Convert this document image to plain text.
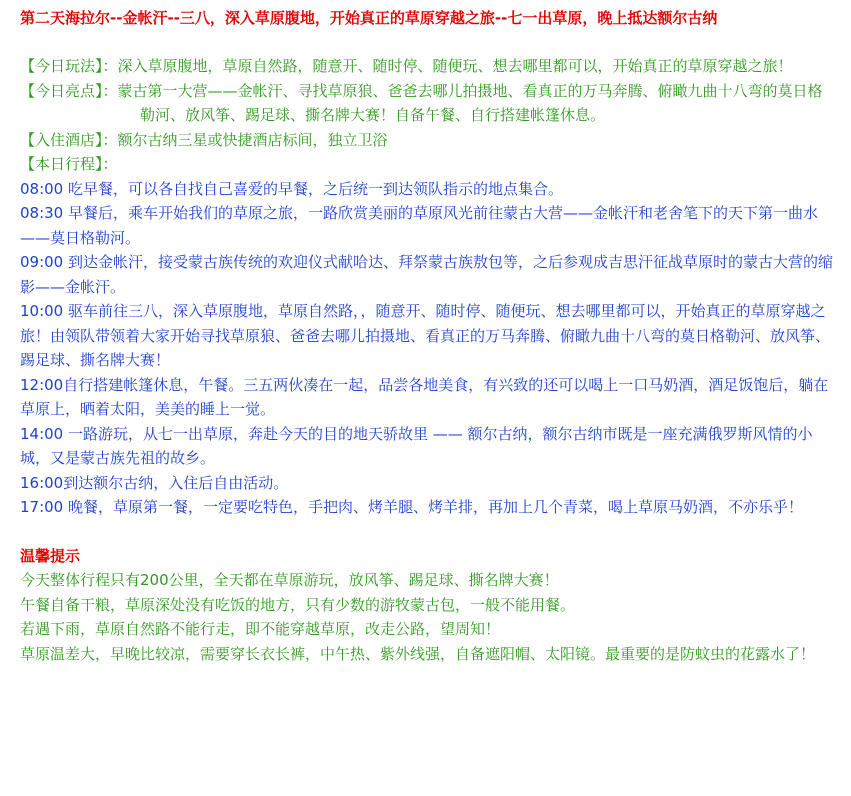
第二天海拉尔--金帐汗--三八，深入草原腹地，开始真正的草原穿越之旅--七一出草原，晚上抵达额尔古纳

【今日玩法】：深入草原腹地，草原自然路，随意开、随时停、随便玩、想去哪里都可以，开始真正的草原穿越之旅！

【今日亮点】：蒙古第一大营——金帐汗、寻找草原狼、爸爸去哪儿拍摄地、看真正的万马奔腾、俯瞰九曲十八弯的莫日格

勒河、放风筝、踢足球、撕名牌大赛！自备午餐、自行搭建帐篷休息。

【入住酒店】：额尔古纳三星或快捷酒店标间，独立卫浴

【本日行程】：

08:00 吃早餐，可以各自找自己喜爱的早餐，之后统一到达领队指示的地点集合。

08:30 早餐后，乘车开始我们的草原之旅，一路欣赏美丽的草原风光前往蒙古大营——金帐汗和老舍笔下的天下第一曲水——莫日格勒河。

09:00 到达金帐汗，接受蒙古族传统的欢迎仪式献哈达、拜祭蒙古族敖包等，之后参观成吉思汗征战草原时的蒙古大营的缩影——金帐汗。

10:00 驱车前往三八，深入草原腹地，草原自然路，，随意开、随时停、随便玩、想去哪里都可以，开始真正的草原穿越之旅！由领队带领着大家开始寻找草原狼、爸爸去哪儿拍摄地、看真正的万马奔腾、俯瞰九曲十八弯的莫日格勒河、放风筝、踢足球、撕名牌大赛！

12:00自行搭建帐篷休息，午餐。三五两伙凑在一起，品尝各地美食，有兴致的还可以喝上一口马奶酒，酒足饭饱后，躺在草原上，晒着太阳，美美的睡上一觉。

14:00 一路游玩，从七一出草原，奔赴今天的目的地天骄故里 —— 额尔古纳，额尔古纳市既是一座充满俄罗斯风情的小城，又是蒙古族先祖的故乡。

16:00到达额尔古纳，入住后自由活动。

17:00 晚餐，草原第一餐，一定要吃特色，手把肉、烤羊腿、烤羊排，再加上几个青菜，喝上草原马奶酒，不亦乐乎！

温馨提示

今天整体行程只有200公里，全天都在草原游玩，放风筝、踢足球、撕名牌大赛！

午餐自备干粮，草原深处没有吃饭的地方，只有少数的游牧蒙古包，一般不能用餐。

若遇下雨，草原自然路不能行走，即不能穿越草原，改走公路，望周知！

草原温差大，早晚比较凉，需要穿长衣长裤，中午热、紫外线强，自备遮阳帽、太阳镜。最重要的是防蚊虫的花露水了！
